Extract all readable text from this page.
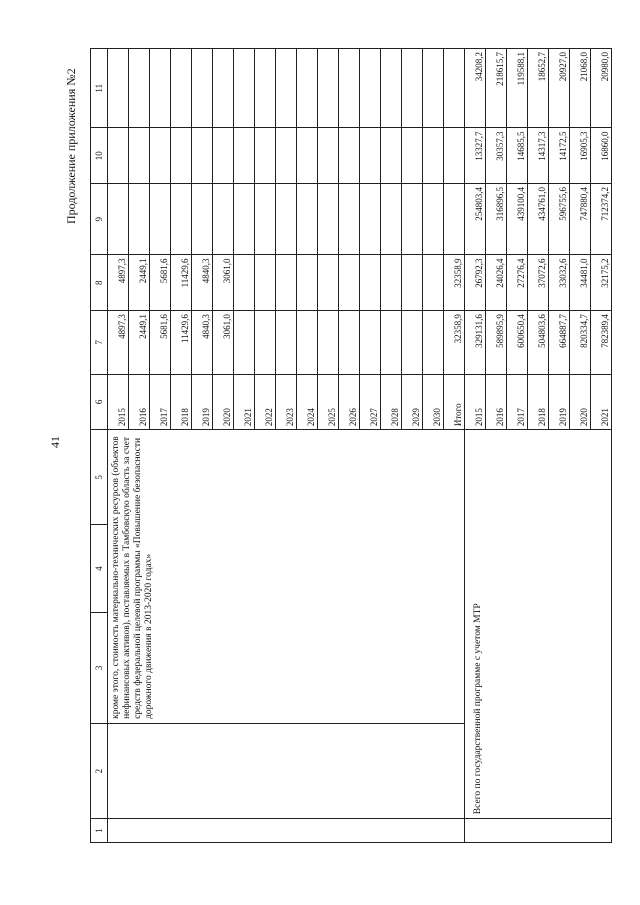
41
Продолжение приложения №2
1	2	3	4	5	6	7	8	9	10	11
		кроме этого, стоимость материально-технических ресурсов (объектов нефинансовых активов), поставляемых в Тамбовскую область за счет средств федеральной целевой программы «Повышение безопасности дорожного движения в 2013-2020 годах»			2015	4897,3	4897,3			
					2016	2449,1	2449,1			
					2017	5681,6	5681,6			
					2018	11429,6	11429,6			
					2019	4840,3	4840,3			
					2020	3061,0	3061,0			
					2021					
					2022					
					2023					
					2024					
					2025					
					2026					
					2027					
					2028					
					2029					
					2030					
					Итого	32358,9	32358,9			
	Всего по государственной программе с учетом МТР				2015	329131,6	26792,3	254803,4	13327,7	34208,2
					2016	589895,9	24026,4	316896,5	30357,3	218615,7
					2017	600650,4	27276,4	439100,4	14685,5	119588,1
					2018	504803,6	37072,6	434761,0	14317,3	18652,7
					2019	664887,7	33032,6	596755,6	14172,5	20927,0
					2020	820334,7	34481,0	747880,4	16905,3	21068,0
					2021	782389,4	32175,2	712374,2	16860,0	20980,0
